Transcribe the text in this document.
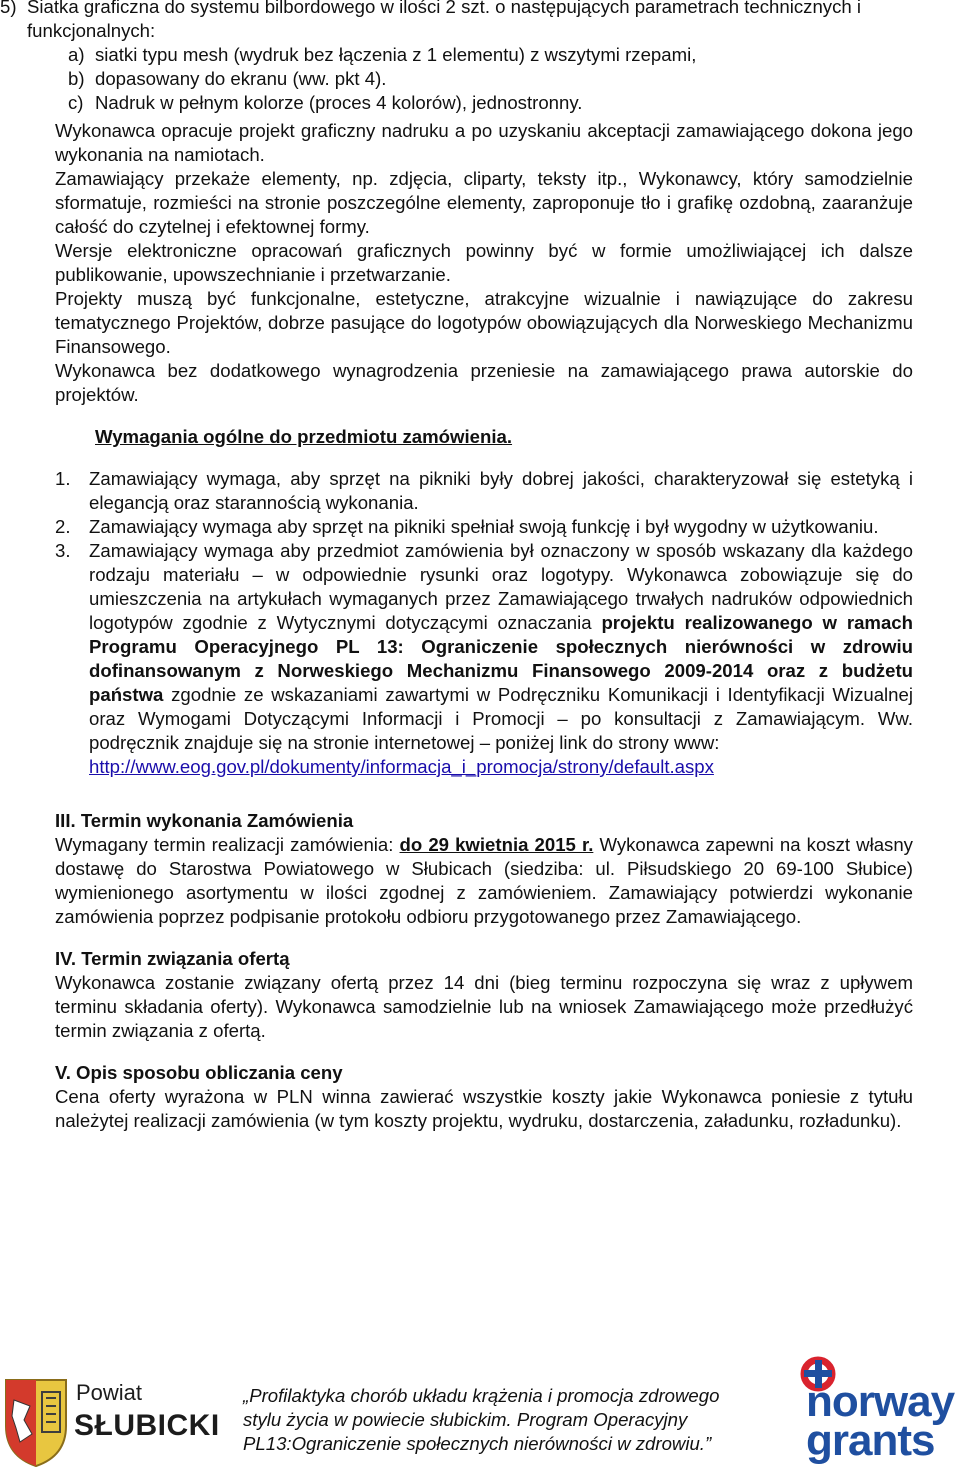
5) Siatka graficzna do systemu bilbordowego w ilości 2 szt. o następujących parametrach technicznych i funkcjonalnych:
a) siatki typu mesh (wydruk bez łączenia z 1 elementu) z wszytymi rzepami,
b) dopasowany do ekranu (ww. pkt 4).
c) Nadruk w pełnym kolorze (proces 4 kolorów), jednostronny.

Wykonawca opracuje projekt graficzny nadruku a po uzyskaniu akceptacji zamawiającego dokona jego wykonania na namiotach.

Zamawiający przekaże elementy, np. zdjęcia, cliparty, teksty itp., Wykonawcy, który samodzielnie sformatuje, rozmieści na stronie poszczególne elementy, zaproponuje tło i grafikę ozdobną, zaaranżuje całość do czytelnej i efektownej formy.

Wersje elektroniczne opracowań graficznych powinny być w formie umożliwiającej ich dalsze publikowanie, upowszechnianie i przetwarzanie.

Projekty muszą być funkcjonalne, estetyczne, atrakcyjne wizualnie i nawiązujące do zakresu tematycznego Projektów, dobrze pasujące do logotypów obowiązujących dla Norweskiego Mechanizmu Finansowego.

Wykonawca bez dodatkowego wynagrodzenia przeniesie na zamawiającego prawa autorskie do projektów.

Wymagania ogólne do przedmiotu zamówienia.

1. Zamawiający wymaga, aby sprzęt na pikniki były dobrej jakości, charakteryzował się estetyką i elegancją oraz starannością wykonania.
2. Zamawiający wymaga aby sprzęt na pikniki spełniał swoją funkcję i był wygodny w użytkowaniu.
3. Zamawiający wymaga aby przedmiot zamówienia był oznaczony w sposób wskazany dla każdego rodzaju materiału – w odpowiednie rysunki oraz logotypy. Wykonawca zobowiązuje się do umieszczenia na artykułach wymaganych przez Zamawiającego trwałych nadruków odpowiednich logotypów zgodnie z Wytycznymi dotyczącymi oznaczania projektu realizowanego w ramach Programu Operacyjnego PL 13: Ograniczenie społecznych nierówności w zdrowiu dofinansowanym z Norweskiego Mechanizmu Finansowego 2009-2014 oraz z budżetu państwa zgodnie ze wskazaniami zawartymi w Podręczniku Komunikacji i Identyfikacji Wizualnej oraz Wymogami Dotyczącymi Informacji i Promocji – po konsultacji z Zamawiającym. Ww. podręcznik znajduje się na stronie internetowej – poniżej link do strony www:
http://www.eog.gov.pl/dokumenty/informacja_i_promocja/strony/default.aspx

III. Termin wykonania Zamówienia

Wymagany termin realizacji zamówienia: do 29 kwietnia 2015 r. Wykonawca zapewni na koszt własny dostawę do Starostwa Powiatowego w Słubicach (siedziba: ul. Piłsudskiego 20 69-100 Słubice) wymienionego asortymentu w ilości zgodnej z zamówieniem. Zamawiający potwierdzi wykonanie zamówienia poprzez podpisanie protokołu odbioru przygotowanego przez Zamawiającego.

IV. Termin związania ofertą

Wykonawca zostanie związany ofertą przez 14 dni (bieg terminu rozpoczyna się wraz z upływem terminu składania oferty). Wykonawca samodzielnie lub na wniosek Zamawiającego może przedłużyć termin związania z ofertą.

V. Opis sposobu obliczania ceny

Cena oferty wyrażona w PLN winna zawierać wszystkie koszty jakie Wykonawca poniesie z tytułu należytej realizacji zamówienia (w tym koszty projektu, wydruku, dostarczenia, załadunku, rozładunku).

Powiat
SŁUBICKI
„Profilaktyka chorób układu krążenia i promocja zdrowego
stylu życia w powiecie słubickim. Program Operacyjny
PL13:Ograniczenie społecznych nierówności w zdrowiu.”
norway
grants
